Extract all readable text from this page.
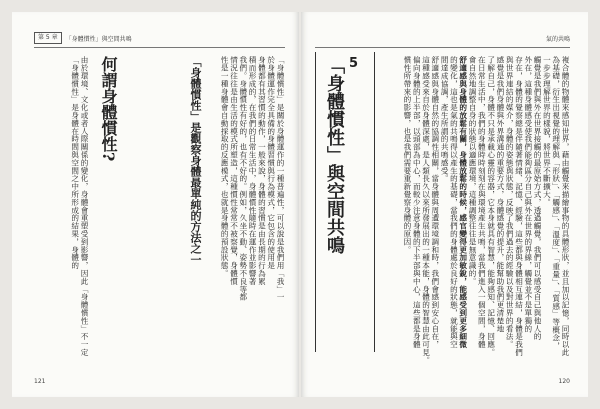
第 5 章	「身體慣性」與空間共鳴
「身體慣性」是關於身體運作的一種普遍性，可以說是我們用「我」一
於身體運作完全具備的身體習慣與行為模式，它包含的使用是
身體都有其習慣的動作，一般來說，身體的習慣是由長期的行為累
積而形成的，在我們的日常生活中，身體慣性隨時在運作並影響著
我們。身體慣性有好的，也有不好的。例如，久坐不動、姿勢不良等都
情況往往是由生活的模式所塑造，這種慣性常常不被察覺，身體慣
性是一種身體會自動採取的反應模式，也就是身體的預設狀態。
「身體慣性」是觀察身體最單純的方法之一
何謂身體慣性?
由於環境、文化或者人際關係的變化，身體會重塑受到影響，因此「身體慣性」不一定
「身體慣性」是身體在時間與空間之中所形成的結果，身體的
121
氣的共鳴
5
「身體慣性」與空間共鳴	複合體的物體來感知世界，藉由觸覺來描繪事物的具體形狀，並且加以記憶，同時以此
為基礎，衍生出視覺的理解與「形狀」、「觸感」、「溫度」、「重量」、「質感」等概念，
一步步理解世界的樣貌，將世界不斷擴大。
觸覺是我們與外在世界接觸的最原始方式，透過觸覺，我們可以感受自己與他人的
外在，這種身體感受使我們能夠區分自己與外在世界的界線，觸覺並不是單獨的
存在，身體的覺察總是伴隨著情緒、記憶、經驗，這些都與身體相互連結，身體是我們
與世界連結的媒介，身體的姿態與狀態，反映了我們過去的經驗以及對世界的看法。
感覺是我們身體與外界溝通的重要方式，身體感覺的提升，能幫助我們更清楚地
了解自己，身體不只是承載心靈的容器，它本身就具有智慧，能夠感知、記憶、回應。
在日常生活中，我們的身體時時刻刻在與環境產生共鳴，當我們進入一個空間，身體
會自然地調整自身的狀態以適應環境，這種調整往往是無意識的。
舒適感與身體的放鬆有關，身體放鬆的時候，感官變得更加敏銳，能感受到更多細微
的變化，這也是氣的共鳴得以產生的基礎，當我們的身體處於良好的狀態，就能與空
間達成協調，產生所謂的共鳴感受。
舒適感與身體自然的協調性相關，當身體與周遭環境調和時，我們會感到安心自在，
這種感受來自於身體深處，是人類長久以來所發展出的一種本能，身體的智慧由此可見。
偏向身體的上半部，以頭部為中心，而較少注意身體的下半部與中心，這些都是身體
慣性所帶來的影響，也是我們需要重新覺察身體的原因。
120
